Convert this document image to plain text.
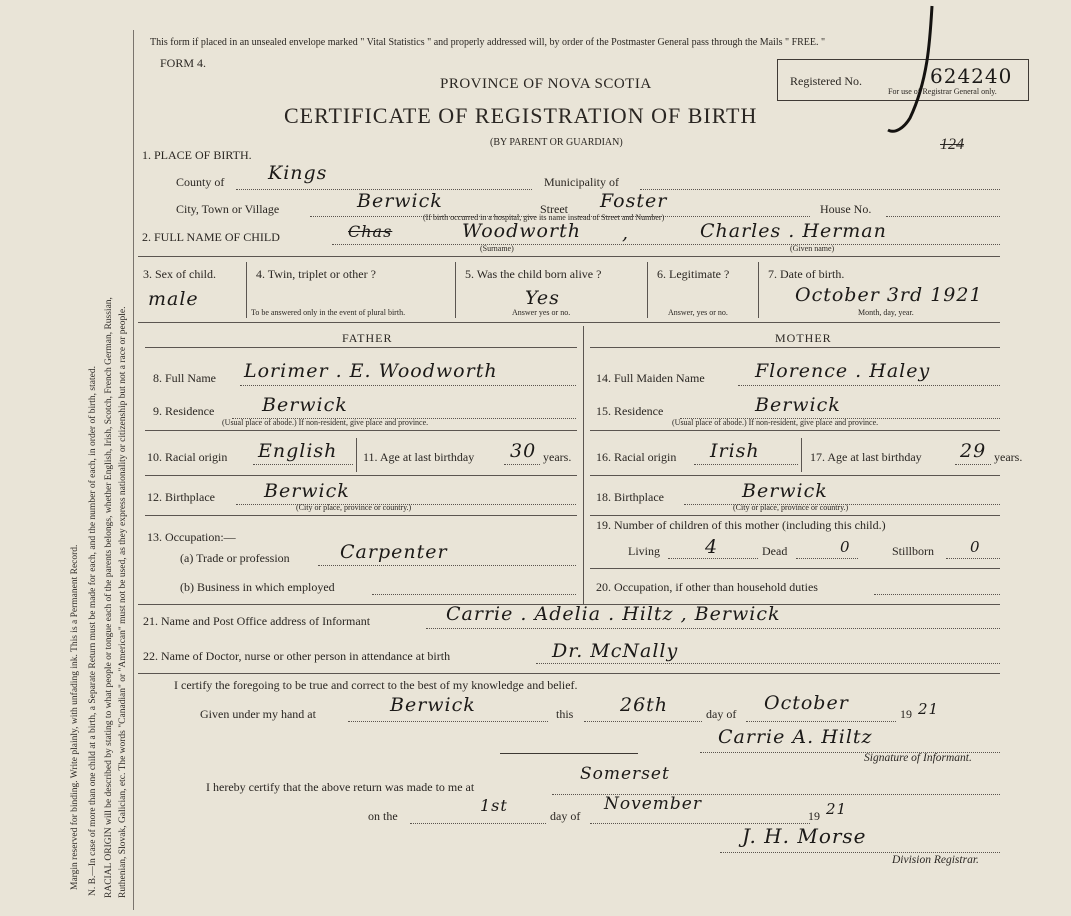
Margin reserved for binding. Write plainly, with unfading ink. This is a Permanent Record. N. B.—In case of more than one child at a birth, a Separate Return must be made for each, and the number of each, in order of birth, stated. RACIAL ORIGIN will be described by stating to what people or tongue each of the parents belongs, whether English, Irish, Scotch, French German, Russian, Ruthenian, Slovak, Galician, etc. The words "Canadian" or "American" must not be used, as they express nationality or citizenship but not a race or people.
This form if placed in an unsealed envelope marked " Vital Statistics " and properly addressed will, by order of the Postmaster General pass through the Mails " FREE. "
FORM 4.
PROVINCE OF NOVA SCOTIA
CERTIFICATE OF REGISTRATION OF BIRTH
(BY PARENT OR GUARDIAN)
Registered No.	624240
For use of Registrar General only.
124
1. PLACE OF BIRTH.
County of Kings	Municipality of
City, Town or Village	Berwick	Street Foster	House No.
(If birth occurred in a hospital, give its name instead of Street and Number)
2. FULL NAME OF CHILD	Chas	Woodworth ,	Charles . Herman
(Surname)	(Given name)
3. Sex of child.
male
4. Twin, triplet or other ?
To be answered only in the event of plural birth.
5. Was the child born alive ?
Yes
Answer yes or no.
6. Legitimate ?
Answer, yes or no.
7. Date of birth.
October 3rd 1921
Month, day, year.
FATHER	MOTHER
8. Full Name Lorimer . E. Woodworth
9. Residence	Berwick
(Usual place of abode.) If non-resident, give place and province.
10. Racial origin English 11. Age at last birthday 30 years.
12. Birthplace	Berwick
(City or place, province or country.)
13. Occupation:—
(a) Trade or profession	Carpenter
(b) Business in which employed
14. Full Maiden Name	Florence . Haley
15. Residence	Berwick
(Usual place of abode.) If non-resident, give place and province.
16. Racial origin Irish	17. Age at last birthday 29 years.
18. Birthplace	Berwick
(City or place, province or country.)
19. Number of children of this mother (including this child.)
Living 4	Dead	0	Stillborn 0
20. Occupation, if other than household duties
21. Name and Post Office address of Informant	Carrie . Adelia . Hiltz , Berwick
22. Name of Doctor, nurse or other person in attendance at birth	Dr. McNally
I certify the foregoing to be true and correct to the best of my knowledge and belief.
Given under my hand at	Berwick	this 26th	day of October	19 21
Carrie A. Hiltz
Signature of Informant.
I hereby certify that the above return was made to me at
Somerset
on the
1st
day of
November
19 21
J. H. Morse
Division Registrar.
